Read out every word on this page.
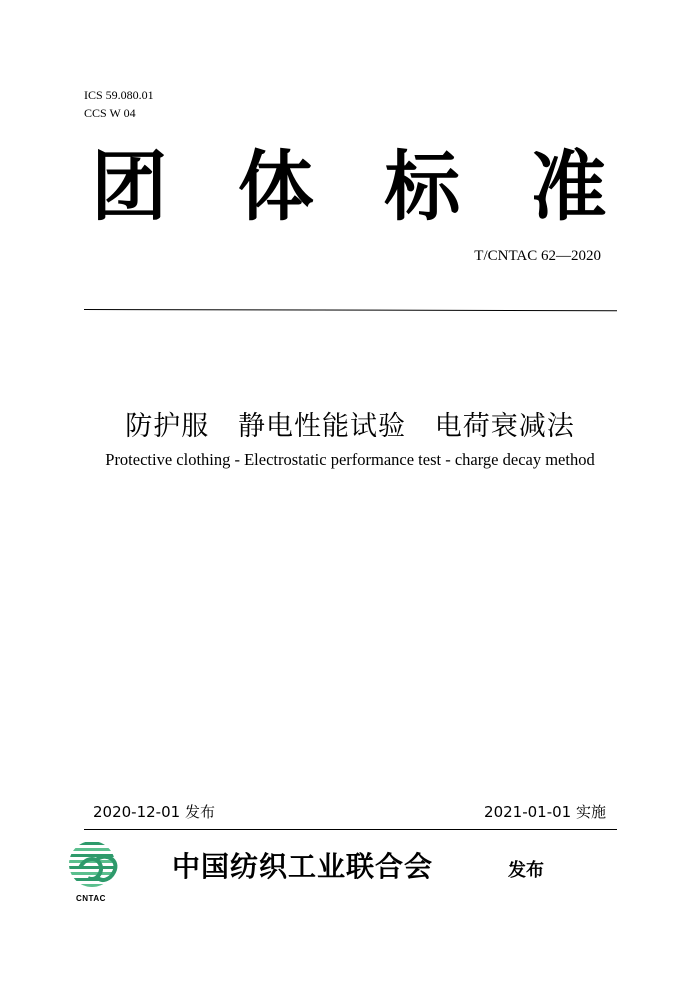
ICS 59.080.01
CCS W 04
团 体 标 准
T/CNTAC 62—2020
防护服   静电性能试验   电荷衰减法
Protective clothing - Electrostatic performance test - charge decay method
2020-12-01 发布	2021-01-01 实施
CNTAC
中国纺织工业联合会	发布
